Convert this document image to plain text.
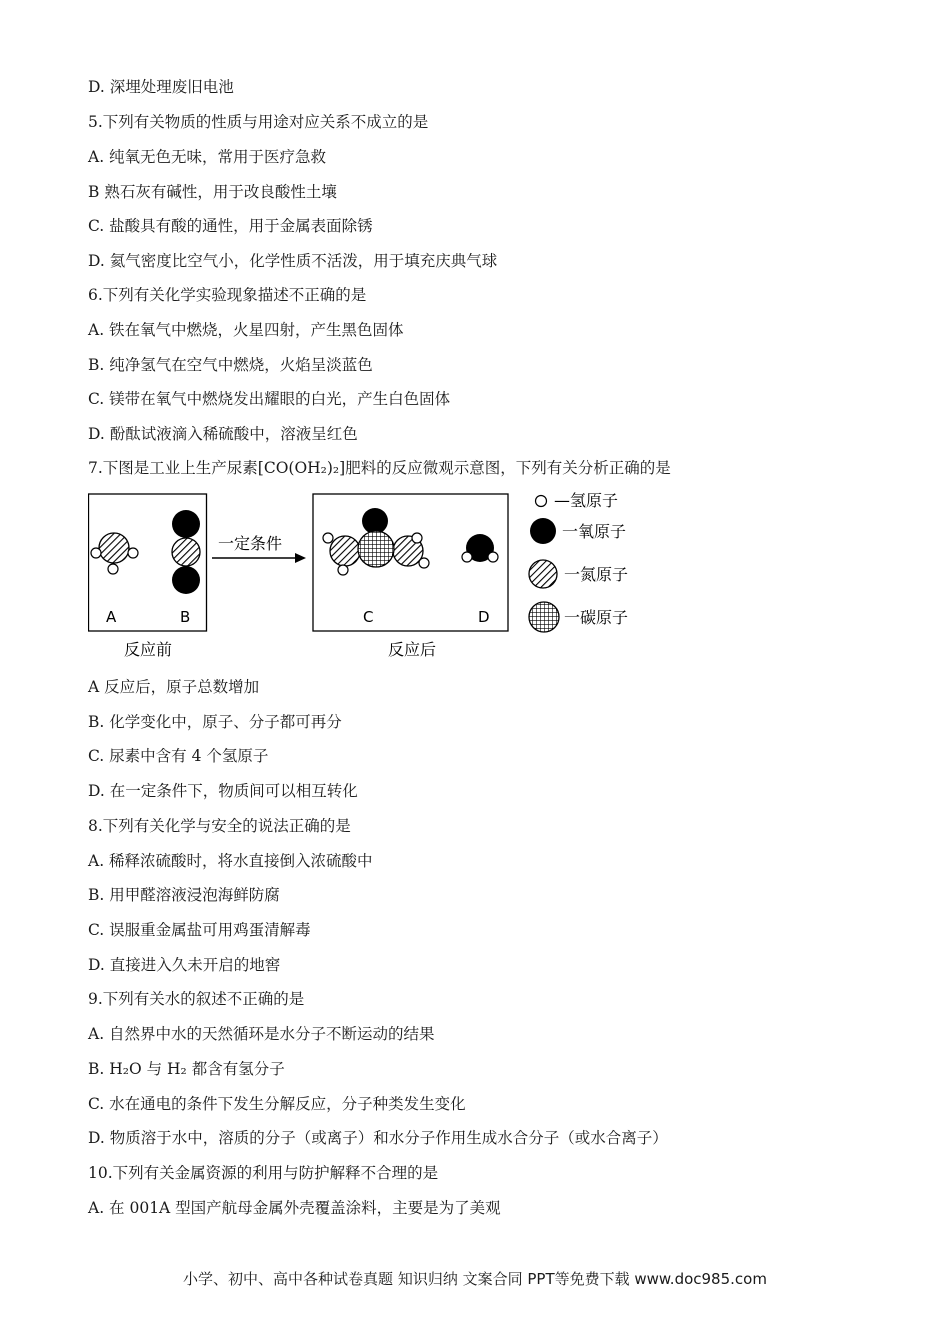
D. 深埋处理废旧电池
5.下列有关物质的性质与用途对应关系不成立的是
A. 纯氧无色无味，常用于医疗急救
B 熟石灰有碱性，用于改良酸性土壤
C. 盐酸具有酸的通性，用于金属表面除锈
D. 氦气密度比空气小，化学性质不活泼，用于填充庆典气球
6.下列有关化学实验现象描述不正确的是
A. 铁在氧气中燃烧，火星四射，产生黑色固体
B. 纯净氢气在空气中燃烧，火焰呈淡蓝色
C. 镁带在氧气中燃烧发出耀眼的白光，产生白色固体
D. 酚酞试液滴入稀硫酸中，溶液呈红色
7.下图是工业上生产尿素[CO(OH₂)₂]肥料的反应微观示意图，下列有关分析正确的是
A	B
一定条件
C	D
反应前	反应后
—氢原子
一氧原子
一氮原子
一碳原子
A 反应后，原子总数增加
B. 化学变化中，原子、分子都可再分
C. 尿素中含有 4 个氢原子
D. 在一定条件下，物质间可以相互转化
8.下列有关化学与安全的说法正确的是
A. 稀释浓硫酸时，将水直接倒入浓硫酸中
B. 用甲醛溶液浸泡海鲜防腐
C. 误服重金属盐可用鸡蛋清解毒
D. 直接进入久未开启的地窖
9.下列有关水的叙述不正确的是
A. 自然界中水的天然循环是水分子不断运动的结果
B. H₂O 与 H₂ 都含有氢分子
C. 水在通电的条件下发生分解反应，分子种类发生变化
D. 物质溶于水中，溶质的分子（或离子）和水分子作用生成水合分子（或水合离子）
10.下列有关金属资源的利用与防护解释不合理的是
A. 在 001A 型国产航母金属外壳覆盖涂料，主要是为了美观
小学、初中、高中各种试卷真题 知识归纳 文案合同 PPT等免费下载 www.doc985.com
